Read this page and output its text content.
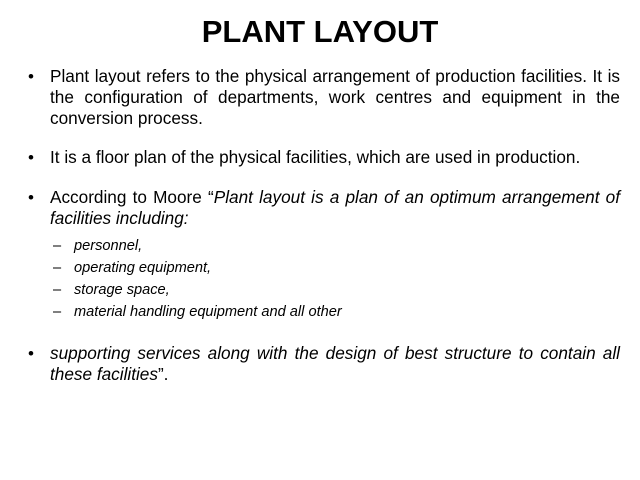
PLANT LAYOUT
• Plant layout refers to the physical arrangement of production facilities. It is the configuration of departments, work centres and equipment in the conversion process.
• It is a floor plan of the physical facilities, which are used in production.
• According to Moore “Plant layout is a plan of an optimum arrangement of facilities including:
– personnel,
– operating equipment,
– storage space,
– material handling equipment and all other
• supporting services along with the design of best structure to contain all these facilities”.
